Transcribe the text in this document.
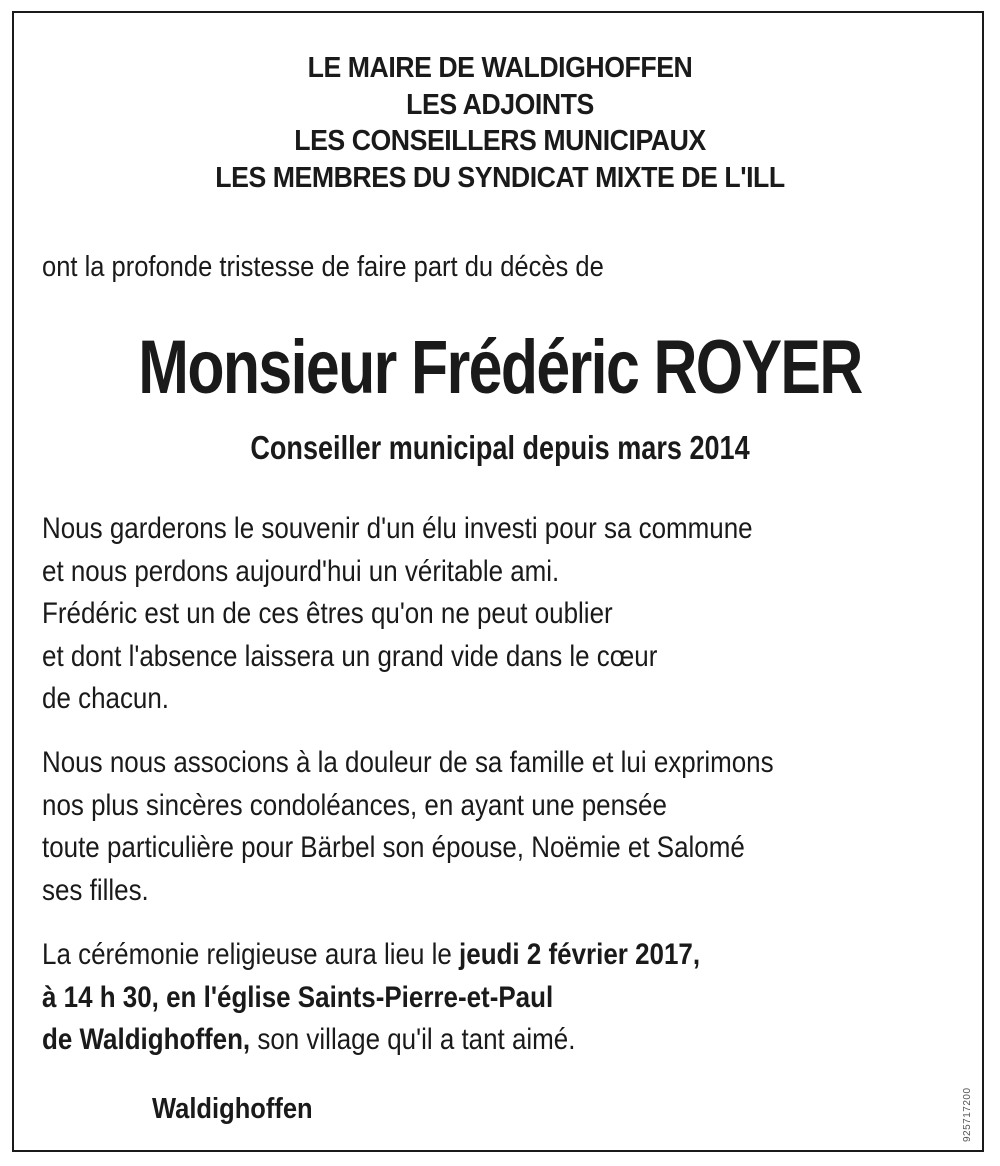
LE MAIRE DE WALDIGHOFFEN
LES ADJOINTS
LES CONSEILLERS MUNICIPAUX
LES MEMBRES DU SYNDICAT MIXTE DE L'ILL
ont la profonde tristesse de faire part du décès de
Monsieur Frédéric ROYER
Conseiller municipal depuis mars 2014
Nous garderons le souvenir d'un élu investi pour sa commune
et nous perdons aujourd'hui un véritable ami.
Frédéric est un de ces êtres qu'on ne peut oublier
et dont l'absence laissera un grand vide dans le cœur
de chacun.
Nous nous associons à la douleur de sa famille et lui exprimons
nos plus sincères condoléances, en ayant une pensée
toute particulière pour Bärbel son épouse, Noëmie et Salomé
ses filles.
La cérémonie religieuse aura lieu le jeudi 2 février 2017,
à 14 h 30, en l'église Saints-Pierre-et-Paul
de Waldighoffen, son village qu'il a tant aimé.
Waldighoffen	925717200
